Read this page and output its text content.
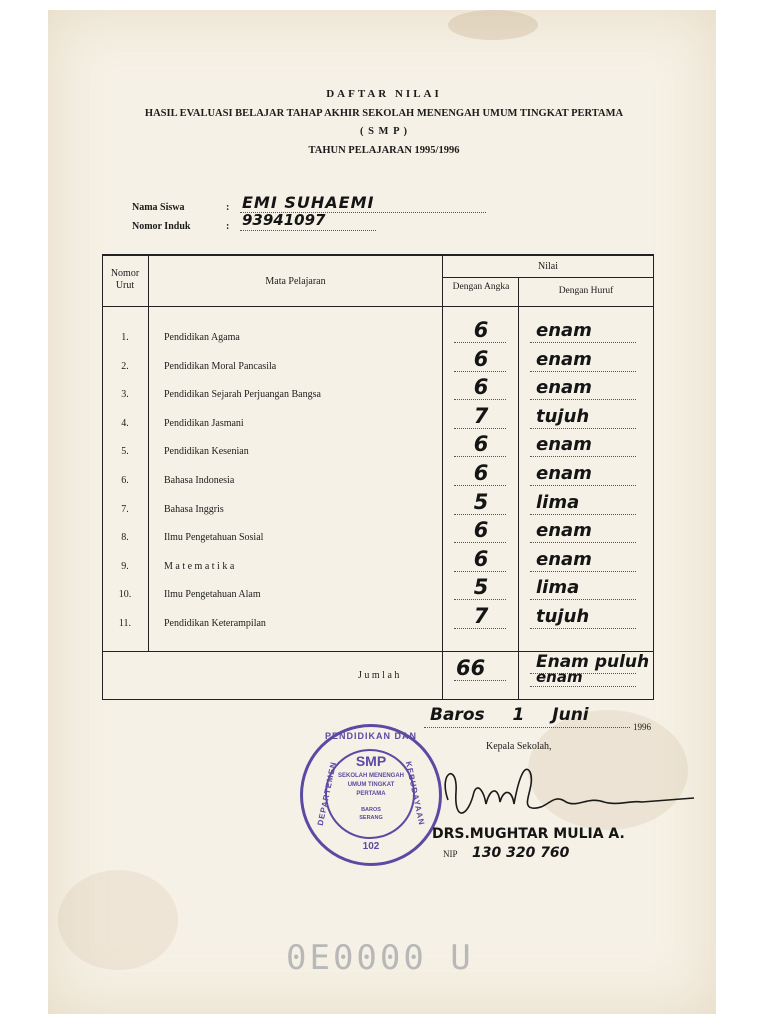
DAFTAR NILAI
HASIL EVALUASI BELAJAR TAHAP AKHIR SEKOLAH MENENGAH UMUM TINGKAT PERTAMA
( S M P )
TAHUN PELAJARAN 1995/1996
Nama Siswa	: EMI SUHAEMI
Nomor Induk	: 93941097
Nomor Urut	Mata Pelajaran
Nilai
Dengan Angka	Dengan Huruf
1.	Pendidikan Agama	6	enam
2.	Pendidikan Moral Pancasila	6	enam
3.	Pendidikan Sejarah Perjuangan Bangsa	6	enam
4.	Pendidikan Jasmani	7	tujuh
5.	Pendidikan Kesenian	6	enam
6.	Bahasa Indonesia	6	enam
7.	Bahasa Inggris	5	lima
8.	Ilmu Pengetahuan Sosial	6	enam
9.	M a t e m a t i k a	6	enam
10.	Ilmu Pengetahuan Alam	5	lima
11.	Pendidikan Keterampilan	7	tujuh
J u m l a h	66	Enam puluh
enam
Baros 1 Juni
1996
Kepala Sekolah,
PENDIDIKAN DAN
DEPARTEMEN	KEBUDAYAAN
SMP
SEKOLAH MENENGAH
UMUM TINGKAT
PERTAMA
BAROS
SERANG
102
DRS.MUGHTAR MULIA A.
NIP 130 320 760
0E0000 U
